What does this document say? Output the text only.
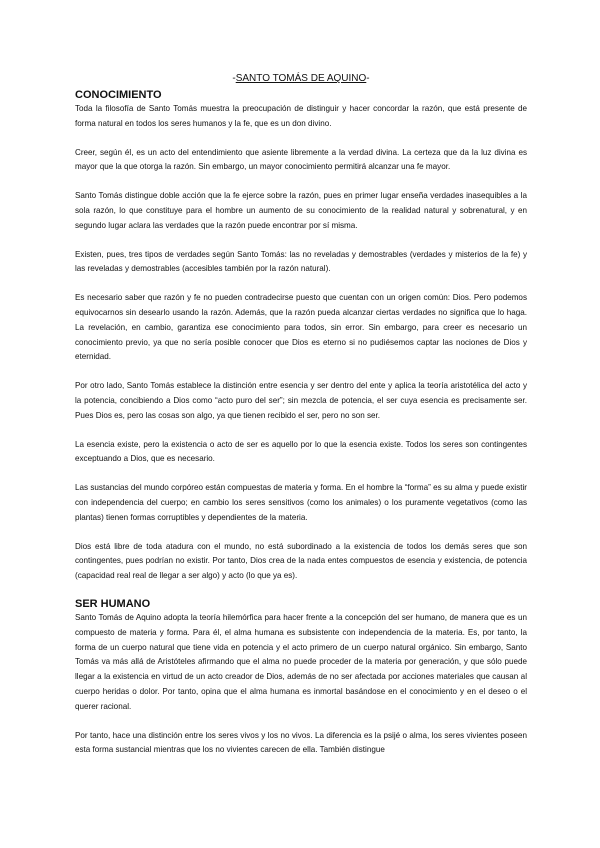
-SANTO TOMÁS DE AQUINO-
CONOCIMIENTO

Toda la filosofía de Santo Tomás muestra la preocupación de distinguir y hacer concordar la razón, que está presente de forma natural en todos los seres humanos y la fe, que es un don divino.

Creer, según él, es un acto del entendimiento que asiente libremente a la verdad divina. La certeza que da la luz divina es mayor que la que otorga la razón. Sin embargo, un mayor conocimiento permitirá alcanzar una fe mayor.

Santo Tomás distingue doble acción que la fe ejerce sobre la razón, pues en primer lugar enseña verdades inasequibles a la sola razón, lo que constituye para el hombre un aumento de su conocimiento de la realidad natural y sobrenatural, y en segundo lugar aclara las verdades que la razón puede encontrar por sí misma.

Existen, pues, tres tipos de verdades según Santo Tomás: las no reveladas y demostrables (verdades y misterios de la fe) y las reveladas y demostrables (accesibles también por la razón natural).

Es necesario saber que razón y fe no pueden contradecirse puesto que cuentan con un origen común: Dios. Pero podemos equivocarnos sin desearlo usando la razón. Además, que la razón pueda alcanzar ciertas verdades no significa que lo haga. La revelación, en cambio, garantiza ese conocimiento para todos, sin error. Sin embargo, para creer es necesario un conocimiento previo, ya que no sería posible conocer que Dios es eterno si no pudiésemos captar las nociones de Dios y eternidad.

Por otro lado, Santo Tomás establece la distinción entre esencia y ser dentro del ente y aplica la teoría aristotélica del acto y la potencia, concibiendo a Dios como “acto puro del ser”; sin mezcla de potencia, el ser cuya esencia es precisamente ser. Pues Dios es, pero las cosas son algo, ya que tienen recibido el ser, pero no son ser.

La esencia existe, pero la existencia o acto de ser es aquello por lo que la esencia existe. Todos los seres son contingentes exceptuando a Dios, que es necesario.

Las sustancias del mundo corpóreo están compuestas de materia y forma. En el hombre la “forma” es su alma y puede existir con independencia del cuerpo; en cambio los seres sensitivos (como los animales) o los puramente vegetativos (como las plantas) tienen formas corruptibles y dependientes de la materia.

Dios está libre de toda atadura con el mundo, no está subordinado a la existencia de todos los demás seres que son contingentes, pues podrían no existir. Por tanto, Dios crea de la nada entes compuestos de esencia y existencia, de potencia (capacidad real real de llegar a ser algo) y acto (lo que ya es).

SER HUMANO

Santo Tomás de Aquino adopta la teoría hilemórfica para hacer frente a la concepción del ser humano, de manera que es un compuesto de materia y forma. Para él, el alma humana es subsistente con independencia de la materia. Es, por tanto, la forma de un cuerpo natural que tiene vida en potencia y el acto primero de un cuerpo natural orgánico. Sin embargo, Santo Tomás va más allá de Aristóteles afirmando que el alma no puede proceder de la materia por generación, y que sólo puede llegar a la existencia en virtud de un acto creador de Dios, además de no ser afectada por acciones materiales que causan al cuerpo heridas o dolor. Por tanto, opina que el alma humana es inmortal basándose en el conocimiento y en el deseo o el querer racional.

Por tanto, hace una distinción entre los seres vivos y los no vivos. La diferencia es la psijé o alma, los seres vivientes poseen esta forma sustancial mientras que los no vivientes carecen de ella. También distingue
